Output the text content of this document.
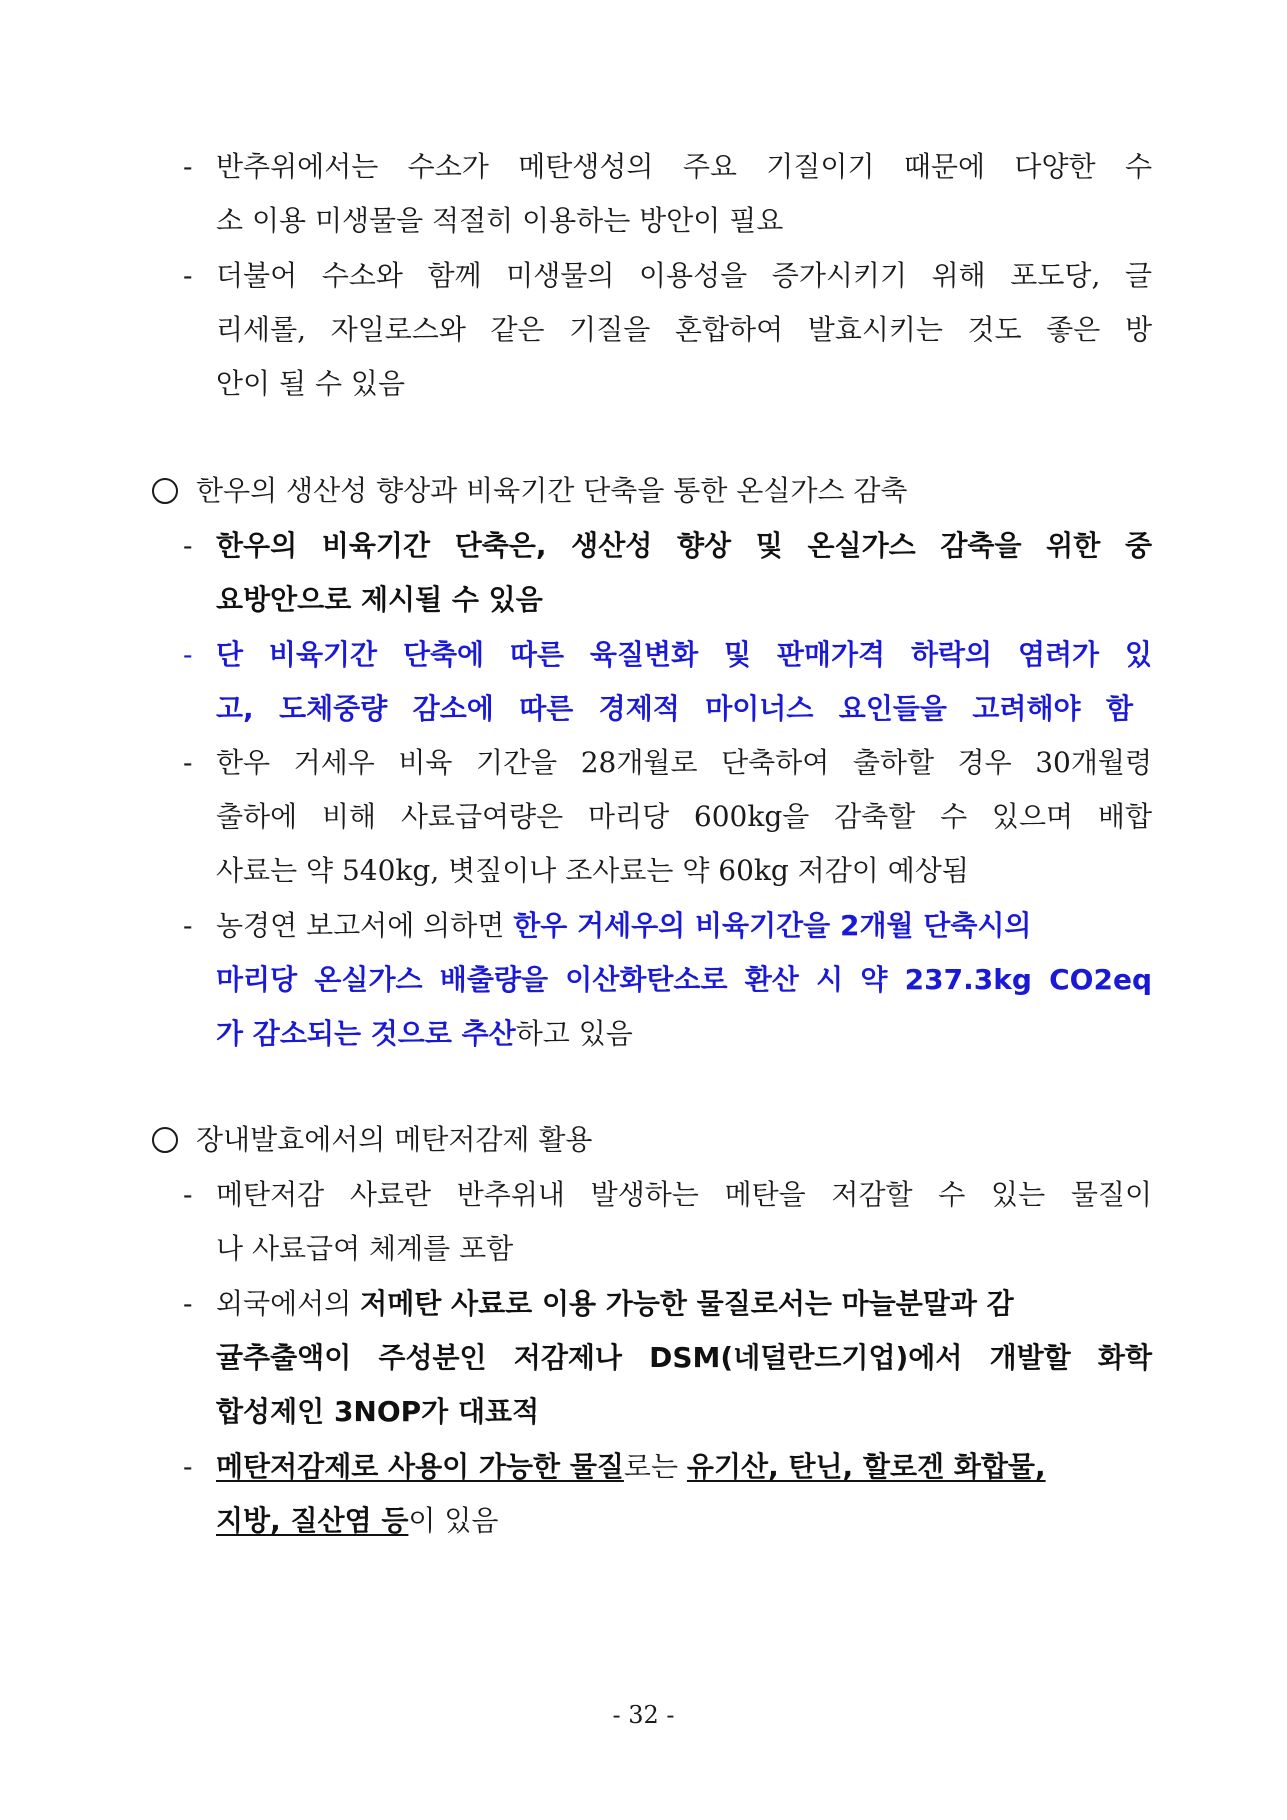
- 반추위에서는 수소가 메탄생성의 주요 기질이기 때문에 다양한 수
소 이용 미생물을 적절히 이용하는 방안이 필요
- 더불어 수소와 함께 미생물의 이용성을 증가시키기 위해 포도당, 글
리세롤, 자일로스와 같은 기질을 혼합하여 발효시키는 것도 좋은 방
안이 될 수 있음
한우의 생산성 향상과 비육기간 단축을 통한 온실가스 감축
- 한우의 비육기간 단축은, 생산성 향상 및 온실가스 감축을 위한 중
요방안으로 제시될 수 있음
- 단 비육기간 단축에 따른 육질변화 및 판매가격 하락의 염려가 있
고, 도체중량 감소에 따른 경제적 마이너스 요인들을 고려해야 함
- 한우 거세우 비육 기간을 28개월로 단축하여 출하할 경우 30개월령
출하에 비해 사료급여량은 마리당 600kg을 감축할 수 있으며 배합
사료는 약 540kg, 볏짚이나 조사료는 약 60kg 저감이 예상됨
- 농경연 보고서에 의하면 한우 거세우의 비육기간을 2개월 단축시의
마리당 온실가스 배출량을 이산화탄소로 환산 시 약 237.3kg CO2eq
가 감소되는 것으로 추산하고 있음
장내발효에서의 메탄저감제 활용
- 메탄저감 사료란 반추위내 발생하는 메탄을 저감할 수 있는 물질이
나 사료급여 체계를 포함
- 외국에서의 저메탄 사료로 이용 가능한 물질로서는 마늘분말과 감
귤추출액이 주성분인 저감제나 DSM(네덜란드기업)에서 개발할 화학
합성제인 3NOP가 대표적
- 메탄저감제로 사용이 가능한 물질로는 유기산, 탄닌, 할로겐 화합물,
지방, 질산염 등이 있음
- 32 -
